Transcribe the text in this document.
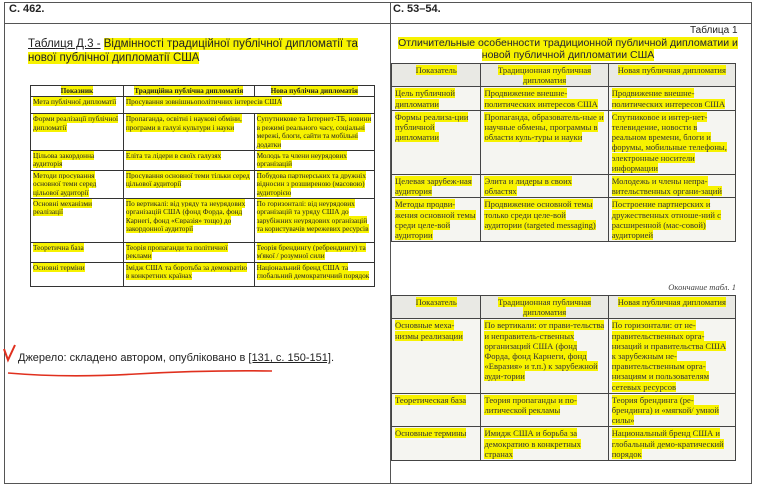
С. 462.	С. 53–54.
Таблиця Д.3 - Відмінності традиційної публічної дипломатії та нової публічної дипломатії США
Показник	Традиційна публічна дипломатія	Нова публічна дипломатія
Мета публічної дипломатії	Просування зовнішньополітичних інтересів США	
Форми реалізації публічної дипломатії	Пропаганда, освітні і наукові обміни, програми в галузі культури і науки	Супутникове та Інтернет-ТБ, новини в режимі реального часу, соціальні мережі, блоги, сайти та мобільні додатки
Цільова закордонна аудиторія	Еліта та лідери в своїх галузях	Молодь та члени неурядових організацій
Методи просування основної теми серед цільової аудиторії	Просування основної теми тільки серед цільової аудиторії	Побудова партнерських та дружніх відносин з розширеною (масовою) аудиторією
Основні механізми реалізації	По вертикалі: від уряду та неурядових організацій США (фонд Форда, фонд Карнегі, фонд «Євразія» тощо) до закордонної аудиторії	По горизонталі: від неурядових організацій та уряду США до зарубіжних неурядових організацій та користувачів мережевих ресурсів
Теоретична база	Теорія пропаганди та політичної реклами	Теорія брендингу (ребрендингу) та м'якої / розумної сили
Основні терміни	Імідж США та боротьба за демократію в конкретних країнах	Національний бренд США та глобальний демократичний порядок
Джерело: складено автором, опубліковано в [131, с. 150-151].
Таблица 1
Отличительные особенности традиционной публичной дипломатии и новой публичной дипломатии США
Показатель	Традиционная публичная дипломатия	Новая публичная дипломатия
Цель публичной дипломатии	Продвижение внешне-политических интересов США	Продвижение внешне-политических интересов США
Формы реализа-ции публичной дипломатии	Пропаганда, образователь-ные и научные обмены, программы в области куль-туры и науки	Спутниковое и интер-нет-телевидение, новости в реальном времени, блоги и форумы, мобильные телефоны, электронные носители информации
Целевая зарубеж-ная аудитория	Элита и лидеры в своих областях	Молодежь и члены непра-вительственных органи-заций
Методы продви-жения основной темы среди целе-вой аудитории	Продвижение основной темы только среди целе-вой аудитории (targeted messaging)	Построение партнерских и дружественных отноше-ний с расширенной (мас-совой) аудиторией
Окончание табл. 1
Показатель	Традиционная публичная дипломатия	Новая публичная дипломатия
Основные меха-низмы реализации	По вертикали: от прави-тельства и неправитель-ственных организаций США (фонд Форда, фонд Карнеги, фонд «Евразия» и т.п.) к зарубежной ауди-тории	По горизонтали: от не-правительственных орга-низаций и правительства США к зарубежным не-правительственным орга-низациям и пользователям сетевых ресурсов
Теоретическая база	Теория пропаганды и по-литической рекламы	Теория брендинга (ре-брендинга) и «мягкой/ умной силы»
Основные термины	Имидж США и борьба за демократию в конкретных странах	Национальный бренд США и глобальный демо-кратический порядок
